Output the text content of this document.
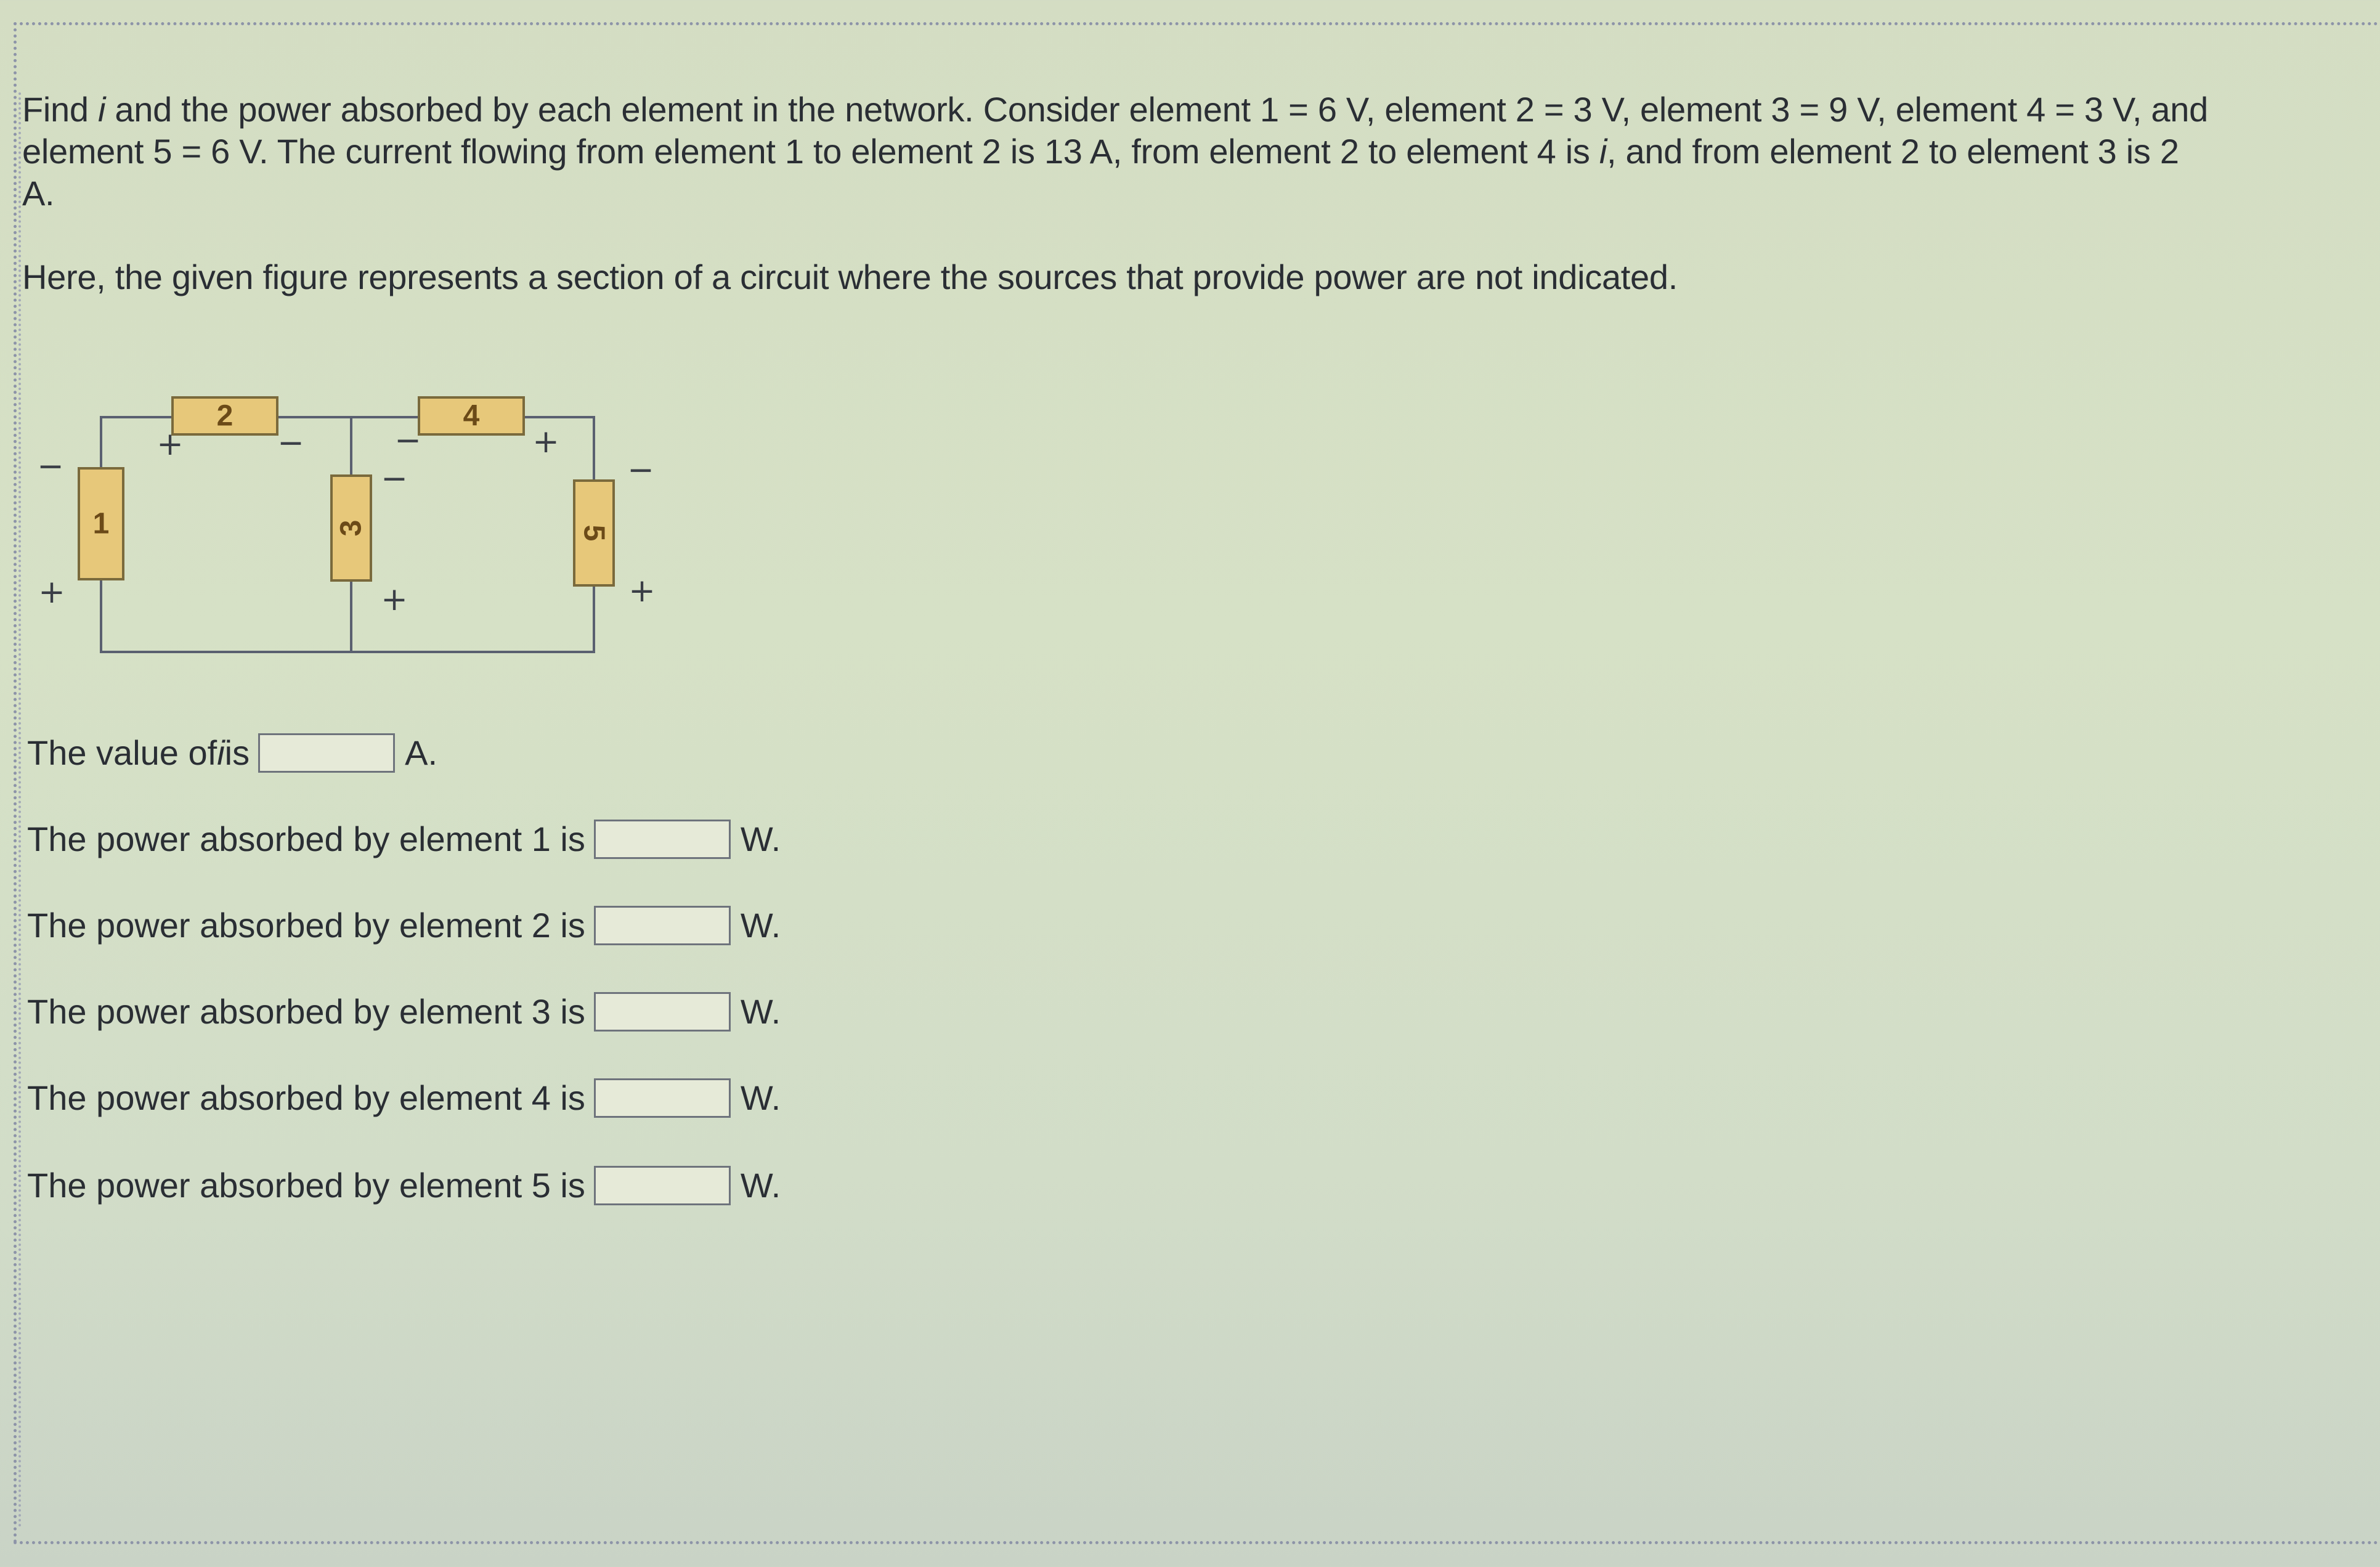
Find i and the power absorbed by each element in the network. Consider element 1 = 6 V, element 2 = 3 V, element 3 = 9 V, element 4 = 3 V, and element 5 = 6 V. The current flowing from element 1 to element 2 is 13 A, from element 2 to element 4 is i, and from element 2 to element 3 is 2 A.

Here, the given figure represents a section of a circuit where the sources that provide power are not indicated.

1
2
3
4
5
−
+
+	−	−
−
+
+
−
+
The value of i is	A.
The power absorbed by element 1 is	W.
The power absorbed by element 2 is	W.
The power absorbed by element 3 is	W.
The power absorbed by element 4 is	W.
The power absorbed by element 5 is	W.
